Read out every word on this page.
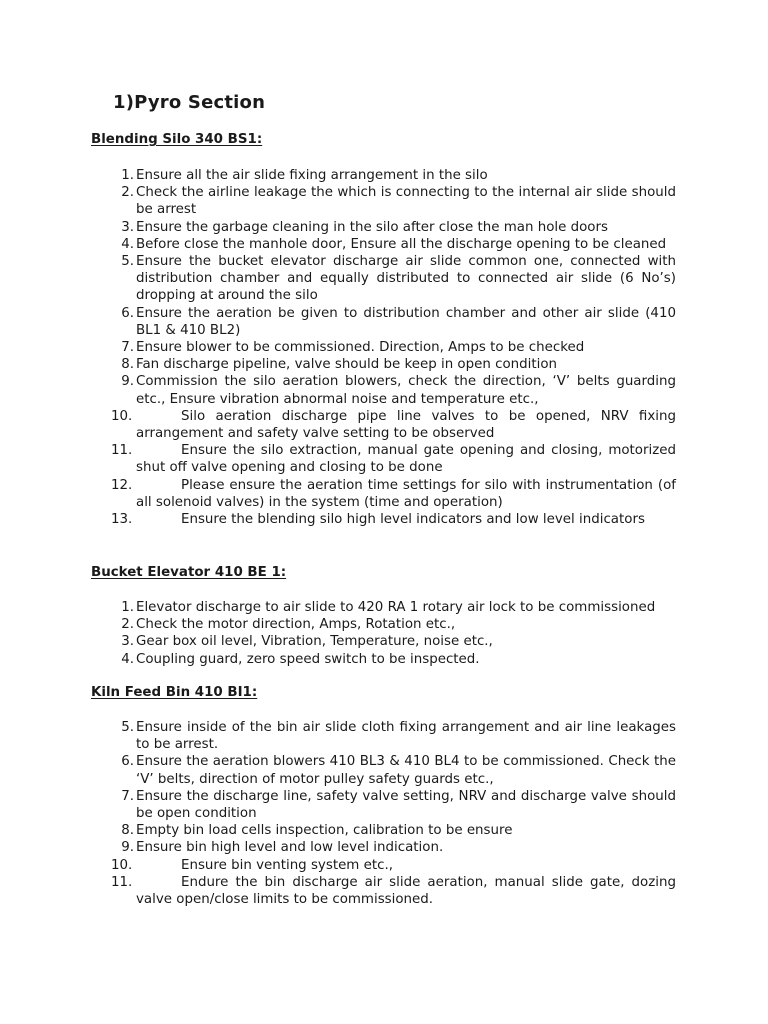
1)Pyro Section
Blending Silo 340 BS1:
1. Ensure all the air slide fixing arrangement in the silo
2. Check the airline leakage the which is connecting to the internal air slide should be arrest
3. Ensure the garbage cleaning in the silo after close the man hole doors
4. Before close the manhole door, Ensure all the discharge opening to be cleaned
5. Ensure the bucket elevator discharge air slide common one, connected with distribution chamber and equally distributed to connected air slide (6 No’s) dropping at around the silo
6. Ensure the aeration be given to distribution chamber and other air slide (410 BL1 & 410 BL2)
7. Ensure blower to be commissioned. Direction, Amps to be checked
8. Fan discharge pipeline, valve should be keep in open condition
9. Commission the silo aeration blowers, check the direction, ‘V’ belts guarding etc., Ensure vibration abnormal noise and temperature etc.,
10.	Silo aeration discharge pipe line valves to be opened, NRV fixing arrangement and safety valve setting to be observed
11.	Ensure the silo extraction, manual gate opening and closing, motorized shut off valve opening and closing to be done
12.	Please ensure the aeration time settings for silo with instrumentation (of all solenoid valves) in the system (time and operation)
13.	Ensure the blending silo high level indicators and low level indicators
Bucket Elevator 410 BE 1:
1. Elevator discharge to air slide to 420 RA 1 rotary air lock to be commissioned
2. Check the motor direction, Amps, Rotation etc.,
3. Gear box oil level, Vibration, Temperature, noise etc.,
4. Coupling guard, zero speed switch to be inspected.
Kiln Feed Bin 410 BI1:
5. Ensure inside of the bin air slide cloth fixing arrangement and air line leakages to be arrest.
6. Ensure the aeration blowers 410 BL3 & 410 BL4 to be commissioned. Check the ‘V’ belts, direction of motor pulley safety guards etc.,
7. Ensure the discharge line, safety valve setting, NRV and discharge valve should be open condition
8. Empty bin load cells inspection, calibration to be ensure
9. Ensure bin high level and low level indication.
10.	Ensure bin venting system etc.,
11.	Endure the bin discharge air slide aeration, manual slide gate, dozing valve open/close limits to be commissioned.
